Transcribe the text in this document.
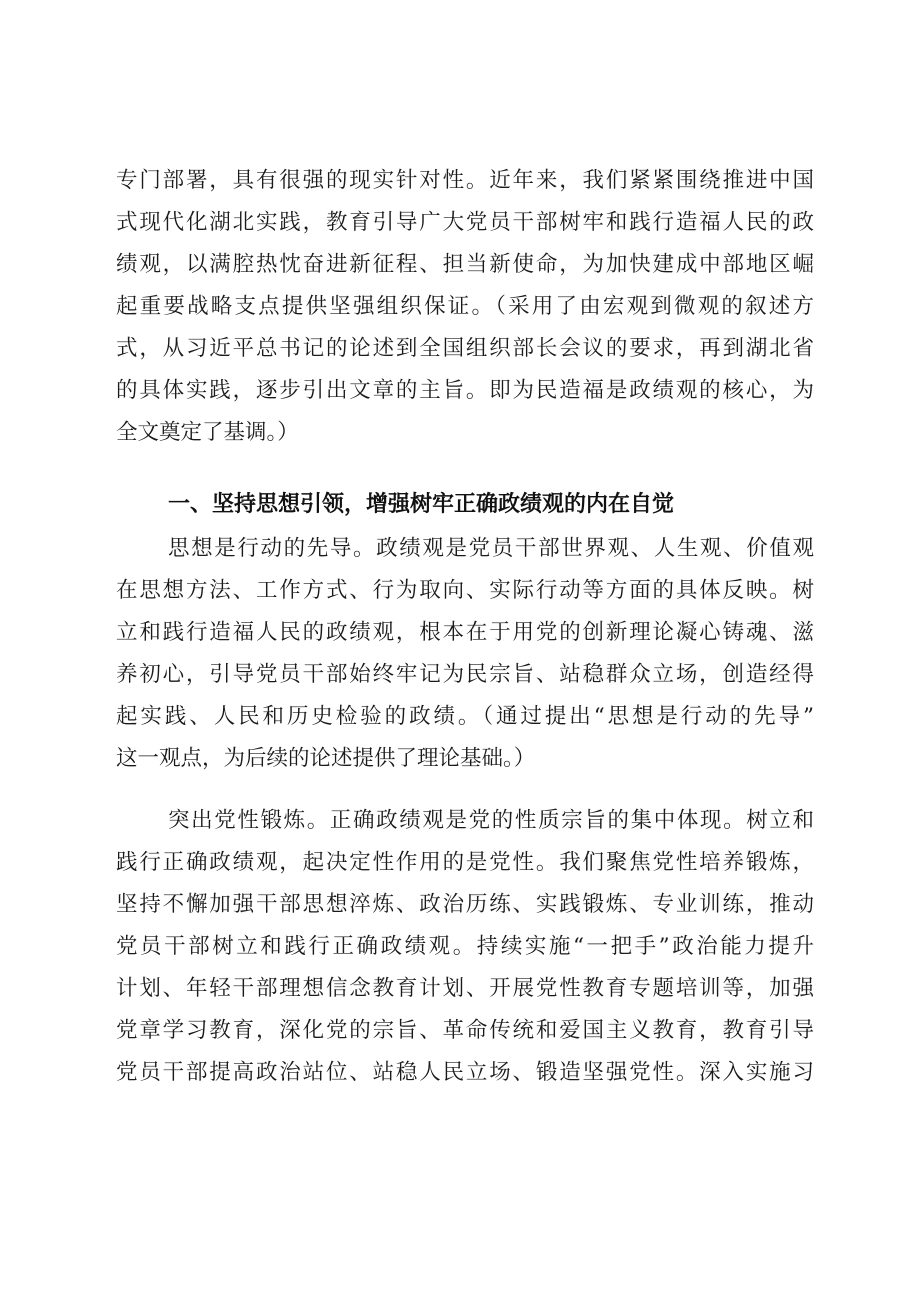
专门部署，具有很强的现实针对性。近年来，我们紧紧围绕推进中国
式现代化湖北实践，教育引导广大党员干部树牢和践行造福人民的政
绩观，以满腔热忱奋进新征程、担当新使命，为加快建成中部地区崛
起重要战略支点提供坚强组织保证。（采用了由宏观到微观的叙述方
式，从习近平总书记的论述到全国组织部长会议的要求，再到湖北省
的具体实践，逐步引出文章的主旨。即为民造福是政绩观的核心，为
全文奠定了基调。）
一、坚持思想引领，增强树牢正确政绩观的内在自觉
思想是行动的先导。政绩观是党员干部世界观、人生观、价值观
在思想方法、工作方式、行为取向、实际行动等方面的具体反映。树
立和践行造福人民的政绩观，根本在于用党的创新理论凝心铸魂、滋
养初心，引导党员干部始终牢记为民宗旨、站稳群众立场，创造经得
起实践、人民和历史检验的政绩。（通过提出“思想是行动的先导”
这一观点，为后续的论述提供了理论基础。）
突出党性锻炼。正确政绩观是党的性质宗旨的集中体现。树立和
践行正确政绩观，起决定性作用的是党性。我们聚焦党性培养锻炼，
坚持不懈加强干部思想淬炼、政治历练、实践锻炼、专业训练，推动
党员干部树立和践行正确政绩观。持续实施“一把手”政治能力提升
计划、年轻干部理想信念教育计划、开展党性教育专题培训等，加强
党章学习教育，深化党的宗旨、革命传统和爱国主义教育，教育引导
党员干部提高政治站位、站稳人民立场、锻造坚强党性。深入实施习
